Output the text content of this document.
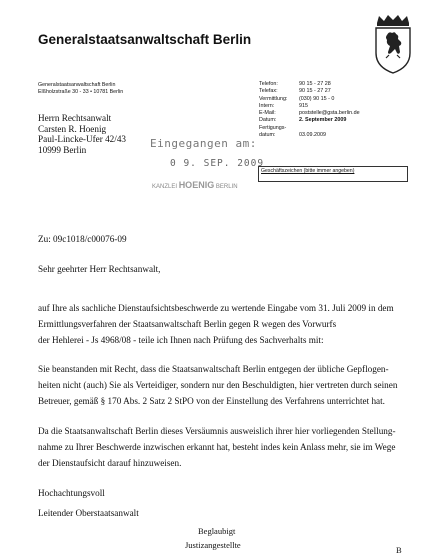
Generalstaatsanwaltschaft Berlin
Generalstaatsanwaltschaft Berlin
Elßholzstraße 30 - 33 • 10781 Berlin
Herrn Rechtsanwalt
Carsten R. Hoenig
Paul-Lincke-Ufer 42/43
10999 Berlin	Eingegangen am:
0 9. SEP. 2009
KANZLEI HOENIG BERLIN
Telefon:	90 15 - 27 28
Telefax:	90 15 - 27 27
Vermittlung:	(030) 90 15 - 0
Intern:	915
E-Mail:	poststelle@gsta.berlin.de
Datum:	2. September 2009
Fertigungs-
datum:	03.09.2009
Geschäftszeichen (bitte immer angeben)
Zu: 09c1018/c00076-09
Sehr geehrter Herr Rechtsanwalt,
auf Ihre als sachliche Dienstaufsichtsbeschwerde zu wertende Eingabe vom 31. Juli 2009 in dem
Ermittlungsverfahren der Staatsanwaltschaft Berlin gegen R wegen des Vorwurfs
der Hehlerei - Js 4968/08 - teile ich Ihnen nach Prüfung des Sachverhalts mit:
Sie beanstanden mit Recht, dass die Staatsanwaltschaft Berlin entgegen der übliche Gepflogen-
heiten nicht (auch) Sie als Verteidiger, sondern nur den Beschuldigten, hier vertreten durch seinen
Betreuer, gemäß § 170 Abs. 2 Satz 2 StPO von der Einstellung des Verfahrens unterrichtet hat.
Da die Staatsanwaltschaft Berlin dieses Versäumnis ausweislich ihrer hier vorliegenden Stellung-
nahme zu Ihrer Beschwerde inzwischen erkannt hat, besteht indes kein Anlass mehr, sie im Wege
der Dienstaufsicht darauf hinzuweisen.
Hochachtungsvoll
Leitender Oberstaatsanwalt
Beglaubigt
Justizangestellte	B
